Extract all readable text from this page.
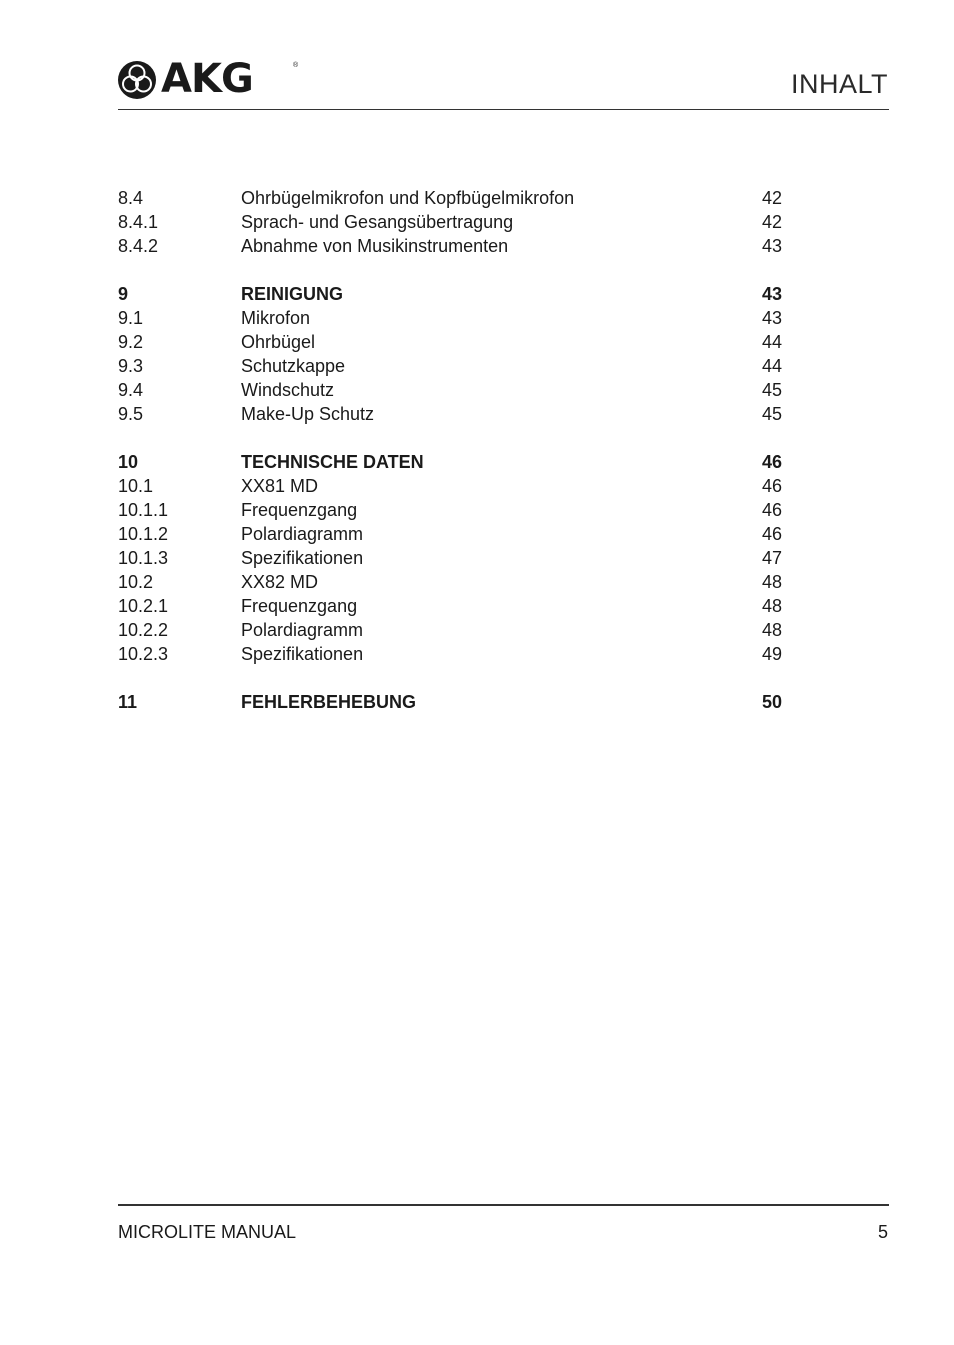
AKG	®
INHALT
8.4	Ohrbügelmikrofon und Kopfbügelmikrofon	42
8.4.1	Sprach- und Gesangsübertragung	42
8.4.2	Abnahme von Musikinstrumenten	43
9	REINIGUNG	43
9.1	Mikrofon	43
9.2	Ohrbügel	44
9.3	Schutzkappe	44
9.4	Windschutz	45
9.5	Make-Up Schutz	45
10	TECHNISCHE DATEN	46
10.1	XX81 MD	46
10.1.1	Frequenzgang	46
10.1.2	Polardiagramm	46
10.1.3	Spezifikationen	47
10.2	XX82 MD	48
10.2.1	Frequenzgang	48
10.2.2	Polardiagramm	48
10.2.3	Spezifikationen	49
11	FEHLERBEHEBUNG	50
MICROLITE MANUAL	5
